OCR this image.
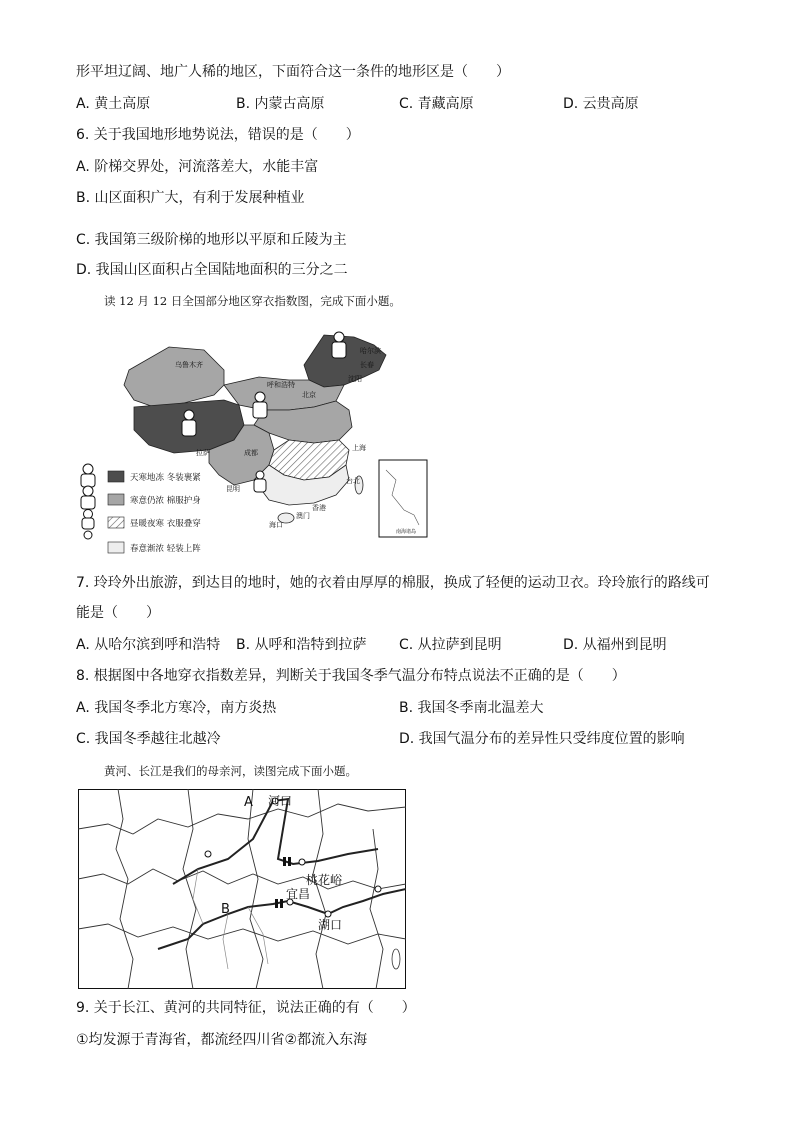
形平坦辽阔、地广人稀的地区，下面符合这一条件的地形区是（　　）
A. 黄土高原	B. 内蒙古高原	C. 青藏高原	D. 云贵高原
6. 关于我国地形地势说法，错误的是（　　）
A. 阶梯交界处，河流落差大，水能丰富
B. 山区面积广大，有利于发展种植业
C. 我国第三级阶梯的地形以平原和丘陵为主
D. 我国山区面积占全国陆地面积的三分之二
读 12 月 12 日全国部分地区穿衣指数图，完成下面小题。
乌鲁木齐
呼和浩特
北京
拉萨	成都
昆明
上海
台北
香港
澳门
海口
哈尔滨
长春
沈阳
南海诸岛
天寒地冻 冬装裹紧
寒意仍浓 棉服护身
昼暖夜寒 衣服叠穿
春意渐浓 轻装上阵
7. 玲玲外出旅游，到达目的地时，她的衣着由厚厚的棉服，换成了轻便的运动卫衣。玲玲旅行的路线可
能是（　　）
A. 从哈尔滨到呼和浩特 B. 从呼和浩特到拉萨 C. 从拉萨到昆明	D. 从福州到昆明
8. 根据图中各地穿衣指数差异，判断关于我国冬季气温分布特点说法不正确的是（　　）
A. 我国冬季北方寒冷，南方炎热	B. 我国冬季南北温差大
C. 我国冬季越往北越冷	D. 我国气温分布的差异性只受纬度位置的影响
黄河、长江是我们的母亲河，读图完成下面小题。
A
B
河口
桃花峪
宜昌
湖口
9. 关于长江、黄河的共同特征，说法正确的有（　　）
①均发源于青海省，都流经四川省②都流入东海
